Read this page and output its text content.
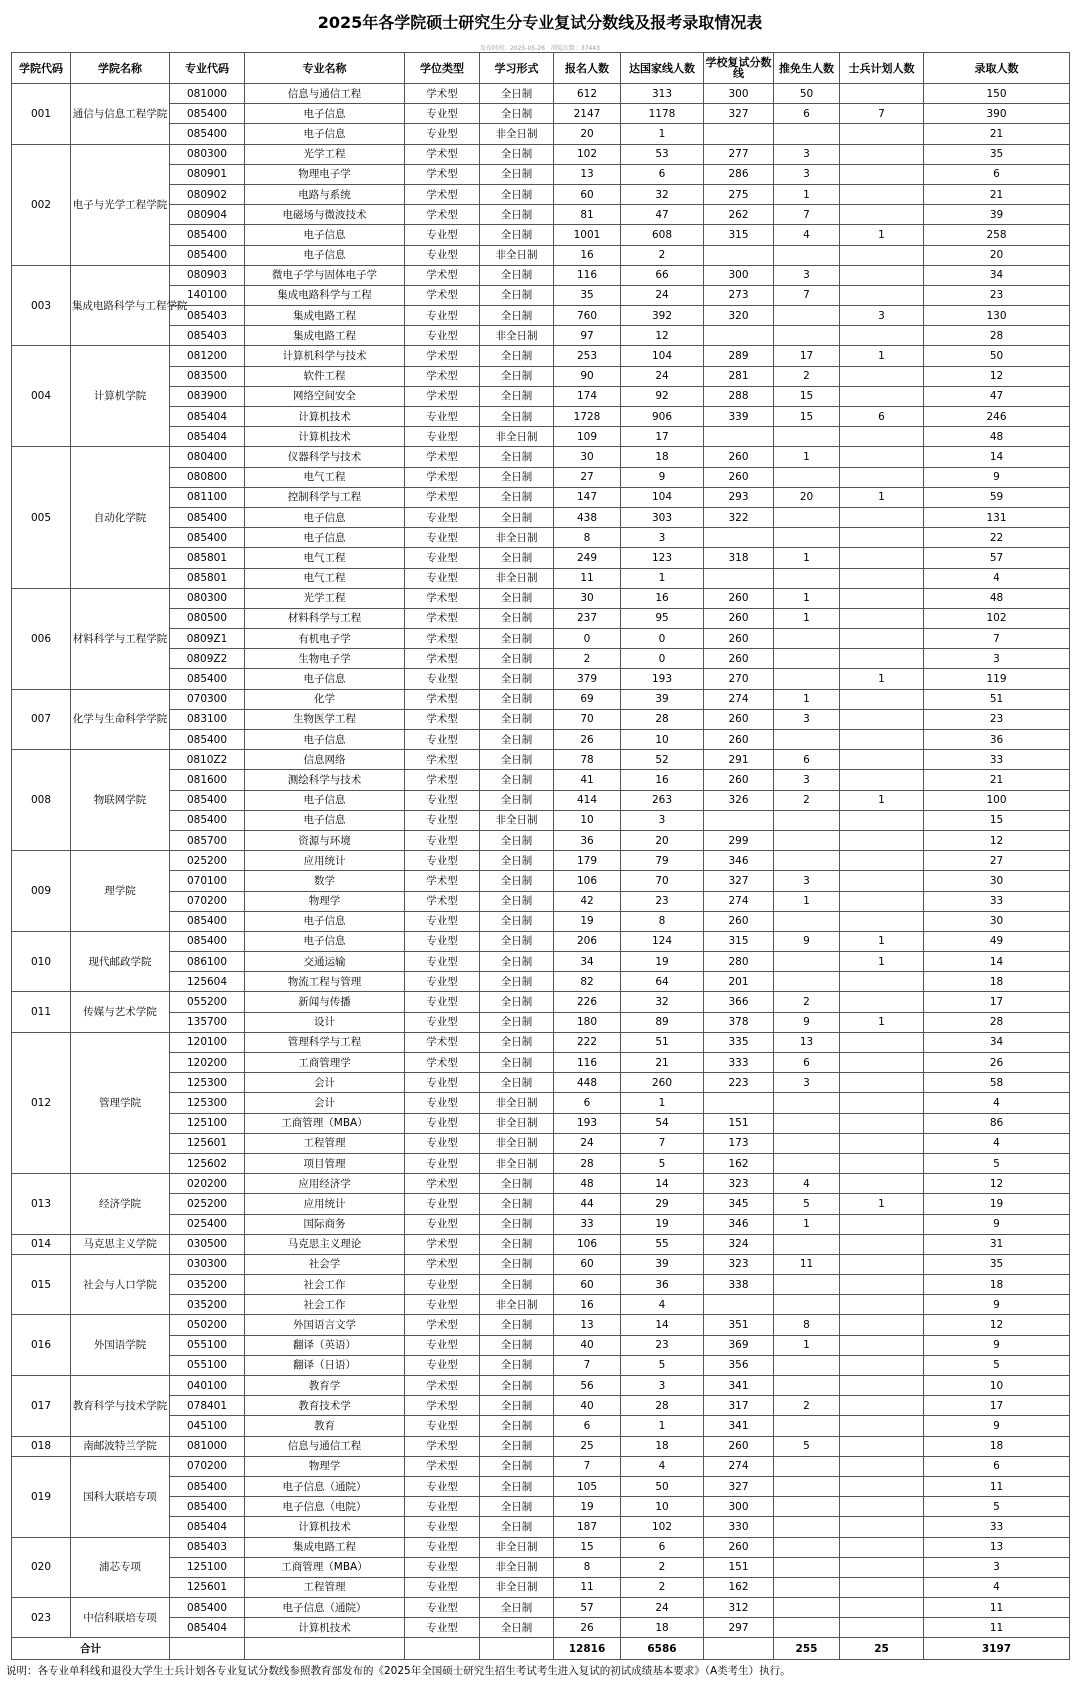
2025年各学院硕士研究生分专业复试分数线及报考录取情况表
发布时间：2025-05-26　浏览次数：37443
学院代码	学院名称	专业代码	专业名称	学位类型	学习形式	报名人数	达国家线人数	学校复试分数线	推免生人数	士兵计划人数	录取人数
001	通信与信息工程学院	081000	信息与通信工程	学术型	全日制	612	313	300	50		150
		085400	电子信息	专业型	全日制	2147	1178	327	6	7	390
		085400	电子信息	专业型	非全日制	20	1				21
002	电子与光学工程学院	080300	光学工程	学术型	全日制	102	53	277	3		35
		080901	物理电子学	学术型	全日制	13	6	286	3		6
		080902	电路与系统	学术型	全日制	60	32	275	1		21
		080904	电磁场与微波技术	学术型	全日制	81	47	262	7		39
		085400	电子信息	专业型	全日制	1001	608	315	4	1	258
		085400	电子信息	专业型	非全日制	16	2				20
003	集成电路科学与工程学院	080903	微电子学与固体电子学	学术型	全日制	116	66	300	3		34
		140100	集成电路科学与工程	学术型	全日制	35	24	273	7		23
		085403	集成电路工程	专业型	全日制	760	392	320		3	130
		085403	集成电路工程	专业型	非全日制	97	12				28
004	计算机学院	081200	计算机科学与技术	学术型	全日制	253	104	289	17	1	50
		083500	软件工程	学术型	全日制	90	24	281	2		12
		083900	网络空间安全	学术型	全日制	174	92	288	15		47
		085404	计算机技术	专业型	全日制	1728	906	339	15	6	246
		085404	计算机技术	专业型	非全日制	109	17				48
005	自动化学院	080400	仪器科学与技术	学术型	全日制	30	18	260	1		14
		080800	电气工程	学术型	全日制	27	9	260			9
		081100	控制科学与工程	学术型	全日制	147	104	293	20	1	59
		085400	电子信息	专业型	全日制	438	303	322			131
		085400	电子信息	专业型	非全日制	8	3				22
		085801	电气工程	专业型	全日制	249	123	318	1		57
		085801	电气工程	专业型	非全日制	11	1				4
006	材料科学与工程学院	080300	光学工程	学术型	全日制	30	16	260	1		48
		080500	材料科学与工程	学术型	全日制	237	95	260	1		102
		0809Z1	有机电子学	学术型	全日制	0	0	260			7
		0809Z2	生物电子学	学术型	全日制	2	0	260			3
		085400	电子信息	专业型	全日制	379	193	270		1	119
007	化学与生命科学学院	070300	化学	学术型	全日制	69	39	274	1		51
		083100	生物医学工程	学术型	全日制	70	28	260	3		23
		085400	电子信息	专业型	全日制	26	10	260			36
008	物联网学院	0810Z2	信息网络	学术型	全日制	78	52	291	6		33
		081600	测绘科学与技术	学术型	全日制	41	16	260	3		21
		085400	电子信息	专业型	全日制	414	263	326	2	1	100
		085400	电子信息	专业型	非全日制	10	3				15
		085700	资源与环境	专业型	全日制	36	20	299			12
009	理学院	025200	应用统计	专业型	全日制	179	79	346			27
		070100	数学	学术型	全日制	106	70	327	3		30
		070200	物理学	学术型	全日制	42	23	274	1		33
		085400	电子信息	专业型	全日制	19	8	260			30
010	现代邮政学院	085400	电子信息	专业型	全日制	206	124	315	9	1	49
		086100	交通运输	专业型	全日制	34	19	280		1	14
		125604	物流工程与管理	专业型	全日制	82	64	201			18
011	传媒与艺术学院	055200	新闻与传播	专业型	全日制	226	32	366	2		17
		135700	设计	专业型	全日制	180	89	378	9	1	28
012	管理学院	120100	管理科学与工程	学术型	全日制	222	51	335	13		34
		120200	工商管理学	学术型	全日制	116	21	333	6		26
		125300	会计	专业型	全日制	448	260	223	3		58
		125300	会计	专业型	非全日制	6	1				4
		125100	工商管理（MBA）	专业型	非全日制	193	54	151			86
		125601	工程管理	专业型	非全日制	24	7	173			4
		125602	项目管理	专业型	非全日制	28	5	162			5
013	经济学院	020200	应用经济学	学术型	全日制	48	14	323	4		12
		025200	应用统计	专业型	全日制	44	29	345	5	1	19
		025400	国际商务	专业型	全日制	33	19	346	1		9
014	马克思主义学院	030500	马克思主义理论	学术型	全日制	106	55	324			31
015	社会与人口学院	030300	社会学	学术型	全日制	60	39	323	11		35
		035200	社会工作	专业型	全日制	60	36	338			18
		035200	社会工作	专业型	非全日制	16	4				9
016	外国语学院	050200	外国语言文学	学术型	全日制	13	14	351	8		12
		055100	翻译（英语）	专业型	全日制	40	23	369	1		9
		055100	翻译（日语）	专业型	全日制	7	5	356			5
017	教育科学与技术学院	040100	教育学	学术型	全日制	56	3	341			10
		078401	教育技术学	学术型	全日制	40	28	317	2		17
		045100	教育	专业型	全日制	6	1	341			9
018	南邮波特兰学院	081000	信息与通信工程	学术型	全日制	25	18	260	5		18
019	国科大联培专项	070200	物理学	学术型	全日制	7	4	274			6
		085400	电子信息（通院）	专业型	全日制	105	50	327			11
		085400	电子信息（电院）	专业型	全日制	19	10	300			5
		085404	计算机技术	专业型	全日制	187	102	330			33
020	浦芯专项	085403	集成电路工程	专业型	非全日制	15	6	260			13
		125100	工商管理（MBA）	专业型	非全日制	8	2	151			3
		125601	工程管理	专业型	非全日制	11	2	162			4
023	中信科联培专项	085400	电子信息（通院）	专业型	全日制	57	24	312			11
		085404	计算机技术	专业型	全日制	26	18	297			11
合计						12816	6586		255	25	3197
说明：各专业单科线和退役大学生士兵计划各专业复试分数线参照教育部发布的《2025年全国硕士研究生招生考试考生进入复试的初试成绩基本要求》（A类考生）执行。
